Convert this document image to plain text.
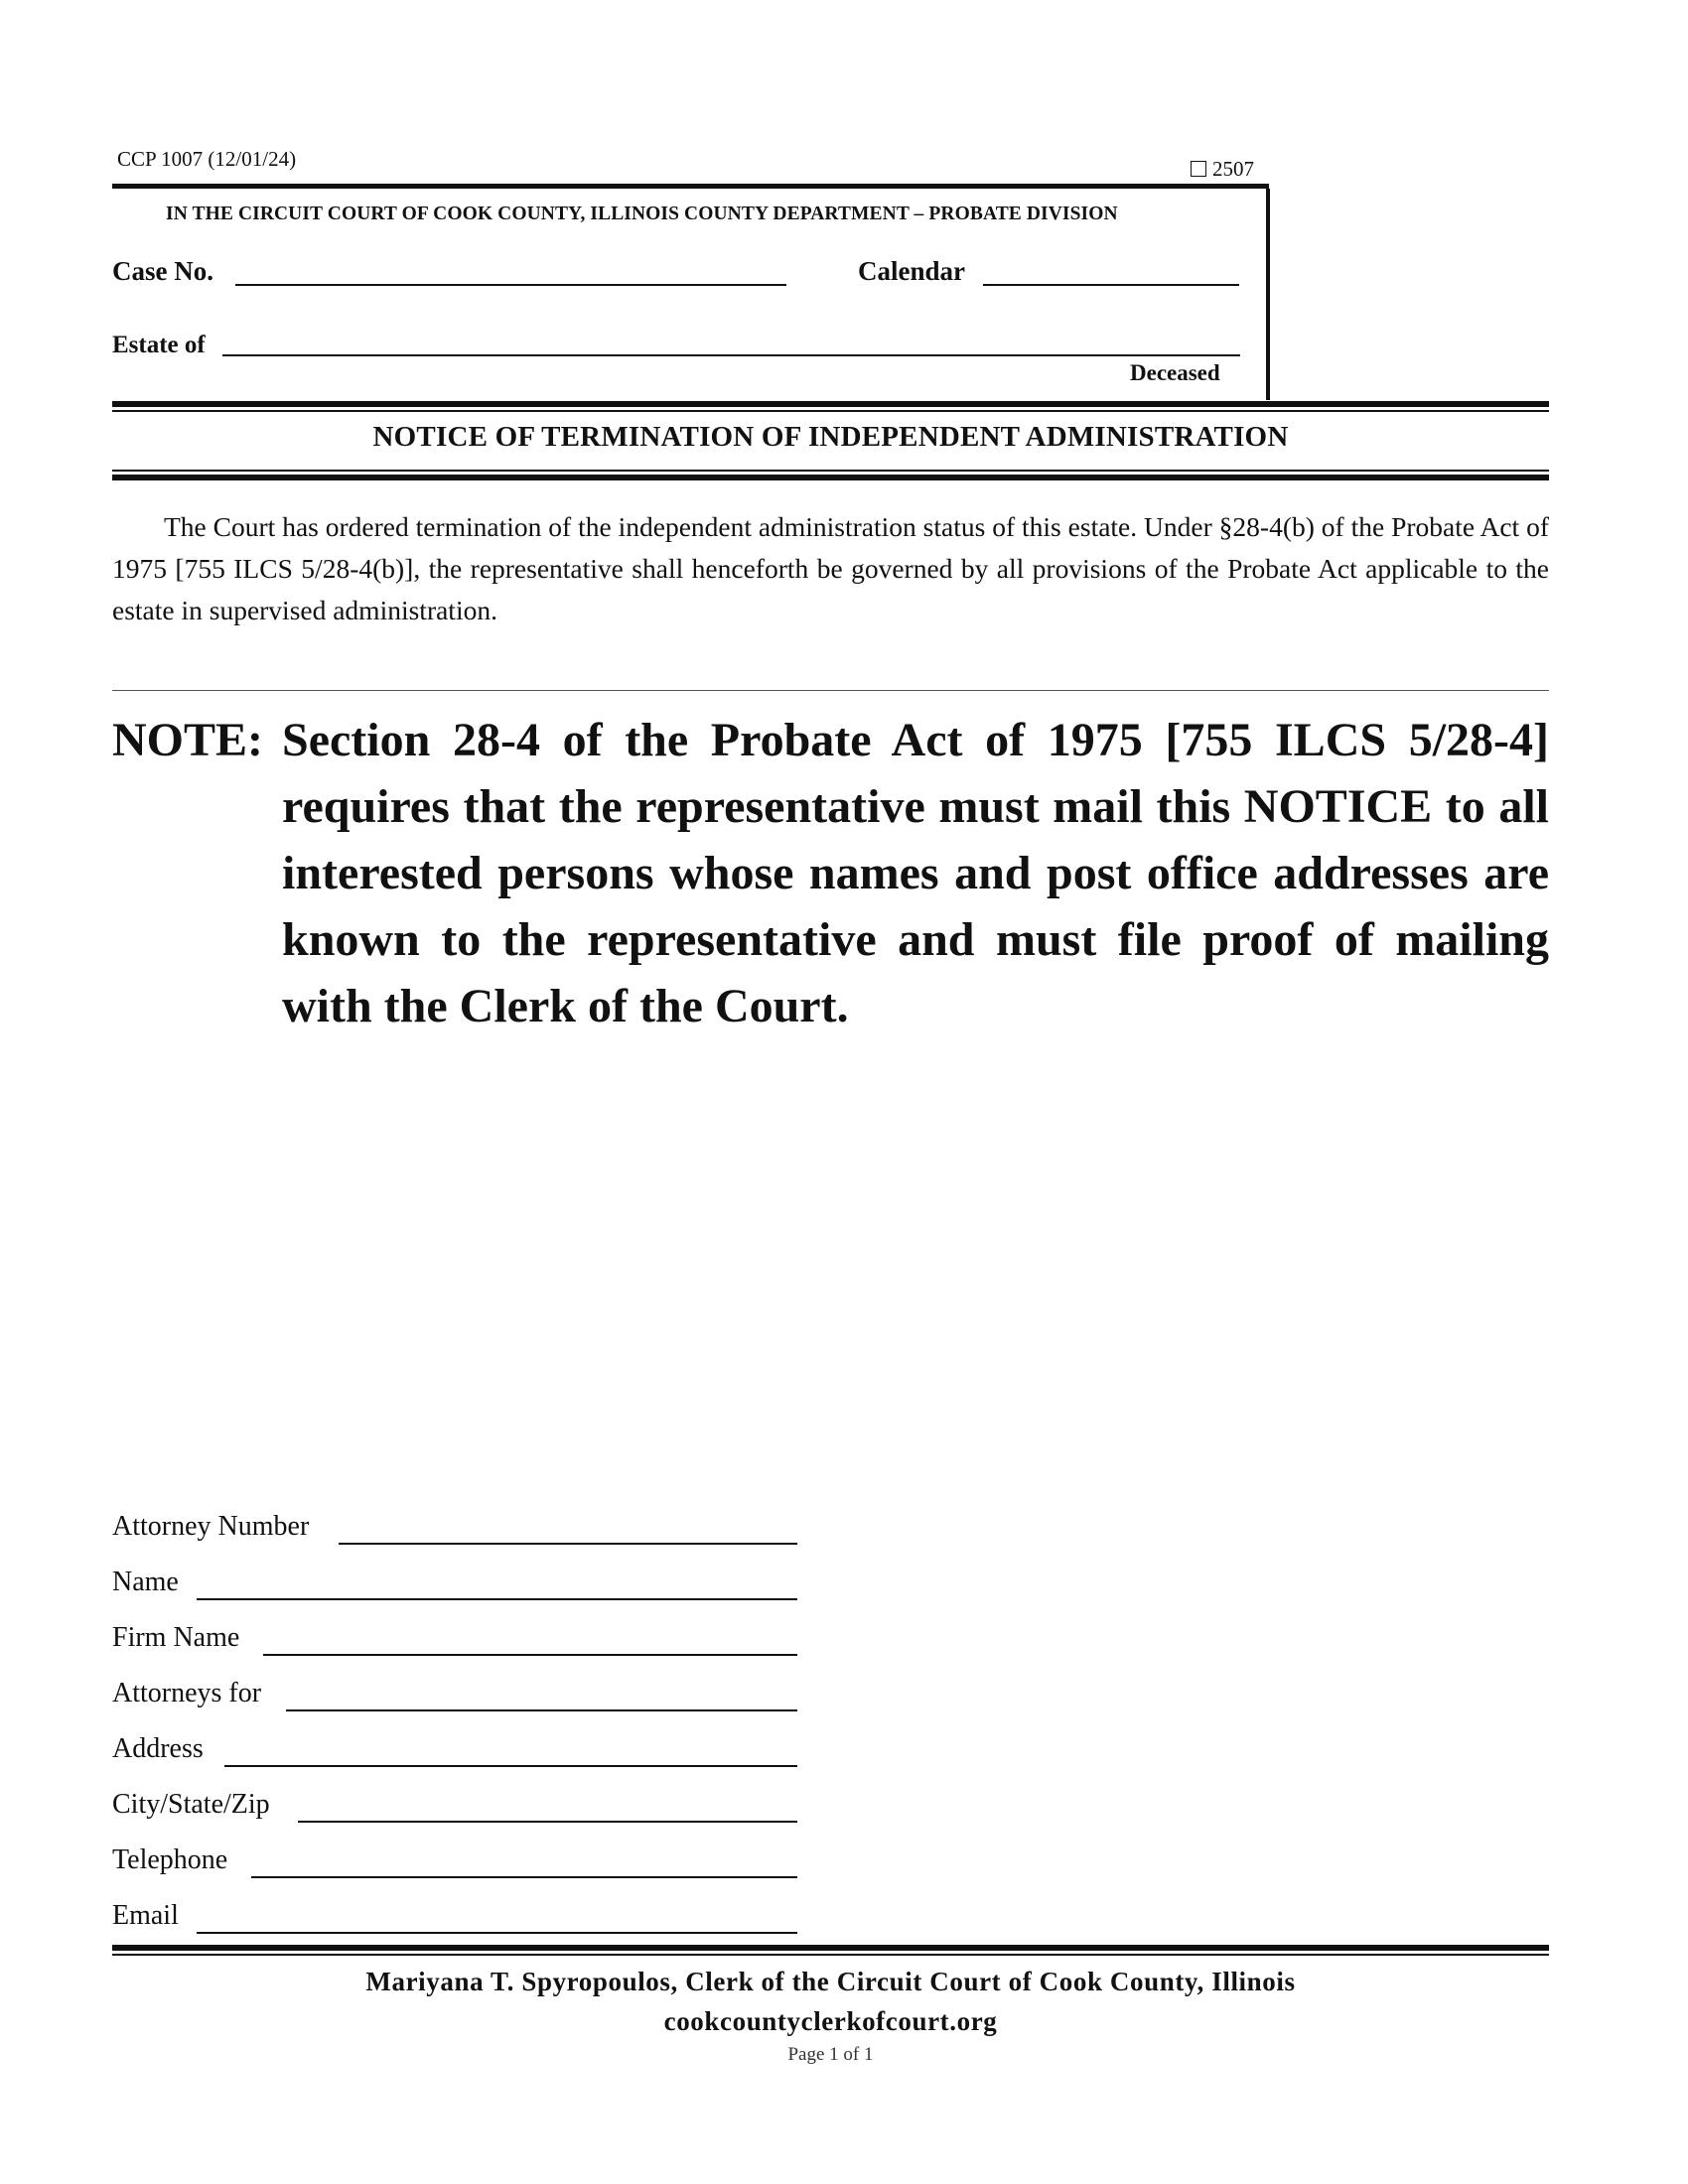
CCP 1007 (12/01/24)	2507
IN THE CIRCUIT COURT OF COOK COUNTY, ILLINOIS COUNTY DEPARTMENT – PROBATE DIVISION
Case No.	Calendar
Estate of
Deceased
NOTICE OF TERMINATION OF INDEPENDENT ADMINISTRATION
The Court has ordered termination of the independent administration status of this estate. Under §28-4(b) of the Probate Act of 1975 [755 ILCS 5/28-4(b)], the representative shall henceforth be governed by all provisions of the Probate Act applicable to the estate in supervised administration.
NOTE: Section 28-4 of the Probate Act of 1975 [755 ILCS 5/28-4] requires that the representative must mail this NOTICE to all interested persons whose names and post office addresses are known to the representative and must file proof of mailing with the Clerk of the Court.
Attorney Number
Name
Firm Name
Attorneys for
Address
City/State/Zip
Telephone
Email
Mariyana T. Spyropoulos, Clerk of the Circuit Court of Cook County, Illinois
cookcountyclerkofcourt.org
Page 1 of 1
